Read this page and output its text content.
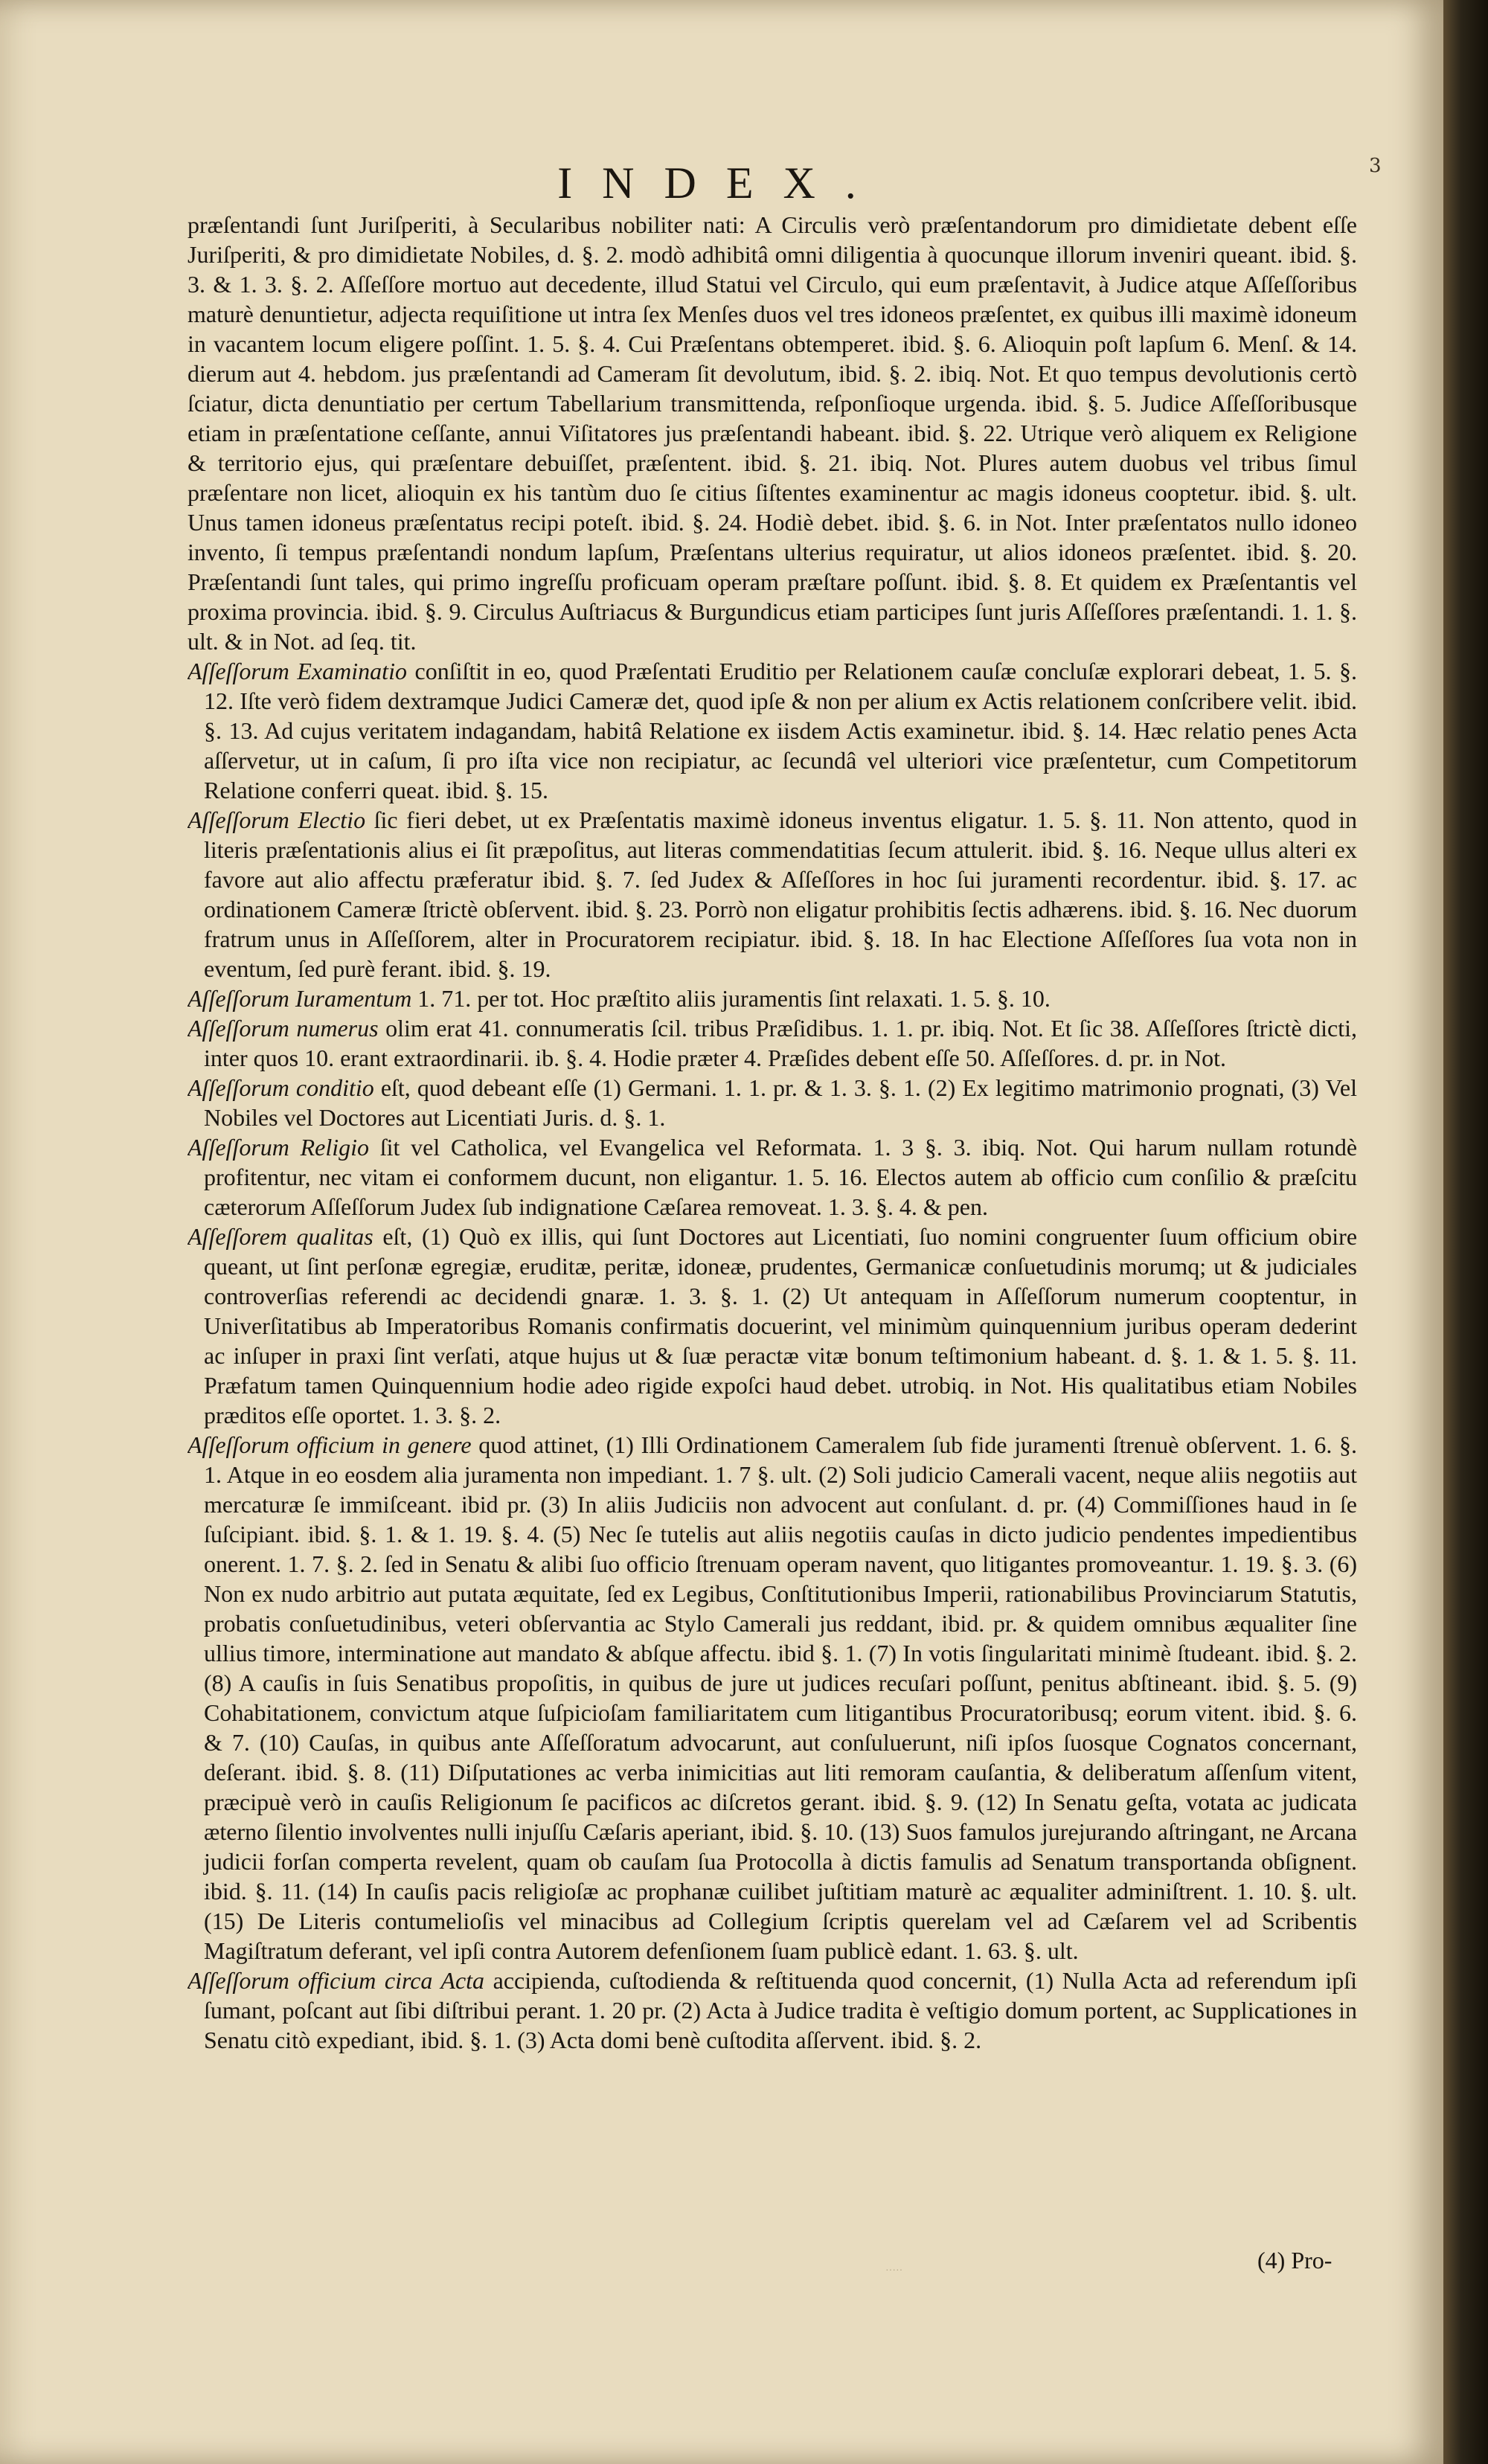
3
INDEX.

præſentandi ſunt Juriſperiti, à Secularibus nobiliter nati: A Circulis verò præſentandorum pro dimidietate debent eſſe Juriſperiti, & pro dimidietate Nobiles, d. §. 2. modò adhibitâ omni diligentia à quocunque illorum inveniri queant. ibid. §. 3. & 1. 3. §. 2. Aſſeſſore mortuo aut decedente, illud Statui vel Circulo, qui eum præſentavit, à Judice atque Aſſeſſoribus maturè denuntietur, adjecta requiſitione ut intra ſex Menſes duos vel tres idoneos præſentet, ex quibus illi maximè idoneum in vacantem locum eligere poſſint. 1. 5. §. 4. Cui Præſentans obtemperet. ibid. §. 6. Alioquin poſt lapſum 6. Menſ. & 14. dierum aut 4. hebdom. jus præſentandi ad Cameram ſit devolutum, ibid. §. 2. ibiq. Not. Et quo tempus devolutionis certò ſciatur, dicta denuntiatio per certum Tabellarium transmittenda, reſponſioque urgenda. ibid. §. 5. Judice Aſſeſſoribusque etiam in præſentatione ceſſante, annui Viſitatores jus præſentandi habeant. ibid. §. 22. Utrique verò aliquem ex Religione & territorio ejus, qui præſentare debuiſſet, præſentent. ibid. §. 21. ibiq. Not. Plures autem duobus vel tribus ſimul præſentare non licet, alioquin ex his tantùm duo ſe citius ſiſtentes examinentur ac magis idoneus cooptetur. ibid. §. ult. Unus tamen idoneus præſentatus recipi poteſt. ibid. §. 24. Hodiè debet. ibid. §. 6. in Not. Inter præſentatos nullo idoneo invento, ſi tempus præſentandi nondum lapſum, Præſentans ulterius requiratur, ut alios idoneos præſentet. ibid. §. 20. Præſentandi ſunt tales, qui primo ingreſſu proficuam operam præſtare poſſunt. ibid. §. 8. Et quidem ex Præſentantis vel proxima provincia. ibid. §. 9. Circulus Auſtriacus & Burgundicus etiam participes ſunt juris Aſſeſſores præſentandi. 1. 1. §. ult. & in Not. ad ſeq. tit.

Aſſeſſorum Examinatio conſiſtit in eo, quod Præſentati Eruditio per Relationem cauſæ concluſæ explorari debeat, 1. 5. §. 12. Iſte verò fidem dextramque Judici Cameræ det, quod ipſe & non per alium ex Actis relationem conſcribere velit. ibid. §. 13. Ad cujus veritatem indagandam, habitâ Relatione ex iisdem Actis examinetur. ibid. §. 14. Hæc relatio penes Acta aſſervetur, ut in caſum, ſi pro iſta vice non recipiatur, ac ſecundâ vel ulteriori vice præſentetur, cum Competitorum Relatione conferri queat. ibid. §. 15.

Aſſeſſorum Electio ſic fieri debet, ut ex Præſentatis maximè idoneus inventus eligatur. 1. 5. §. 11. Non attento, quod in literis præſentationis alius ei ſit præpoſitus, aut literas commendatitias ſecum attulerit. ibid. §. 16. Neque ullus alteri ex favore aut alio affectu præferatur ibid. §. 7. ſed Judex & Aſſeſſores in hoc ſui juramenti recordentur. ibid. §. 17. ac ordinationem Cameræ ſtrictè obſervent. ibid. §. 23. Porrò non eligatur prohibitis ſectis adhærens. ibid. §. 16. Nec duorum fratrum unus in Aſſeſſorem, alter in Procuratorem recipiatur. ibid. §. 18. In hac Electione Aſſeſſores ſua vota non in eventum, ſed purè ferant. ibid. §. 19.

Aſſeſſorum Iuramentum 1. 71. per tot. Hoc præſtito aliis juramentis ſint relaxati. 1. 5. §. 10.

Aſſeſſorum numerus olim erat 41. connumeratis ſcil. tribus Præſidibus. 1. 1. pr. ibiq. Not. Et ſic 38. Aſſeſſores ſtrictè dicti, inter quos 10. erant extraordinarii. ib. §. 4. Hodie præter 4. Præſides debent eſſe 50. Aſſeſſores. d. pr. in Not.

Aſſeſſorum conditio eſt, quod debeant eſſe (1) Germani. 1. 1. pr. & 1. 3. §. 1. (2) Ex legitimo matrimonio prognati, (3) Vel Nobiles vel Doctores aut Licentiati Juris. d. §. 1.

Aſſeſſorum Religio ſit vel Catholica, vel Evangelica vel Reformata. 1. 3 §. 3. ibiq. Not. Qui harum nullam rotundè profitentur, nec vitam ei conformem ducunt, non eligantur. 1. 5. 16. Electos autem ab officio cum conſilio & præſcitu cæterorum Aſſeſſorum Judex ſub indignatione Cæſarea removeat. 1. 3. §. 4. & pen.

Aſſeſſorem qualitas eſt, (1) Quò ex illis, qui ſunt Doctores aut Licentiati, ſuo nomini congruenter ſuum officium obire queant, ut ſint perſonæ egregiæ, eruditæ, peritæ, idoneæ, prudentes, Germanicæ conſuetudinis morumq; ut & judiciales controverſias referendi ac decidendi gnaræ. 1. 3. §. 1. (2) Ut antequam in Aſſeſſorum numerum cooptentur, in Univerſitatibus ab Imperatoribus Romanis confirmatis docuerint, vel minimùm quinquennium juribus operam dederint ac inſuper in praxi ſint verſati, atque hujus ut & ſuæ peractæ vitæ bonum teſtimonium habeant. d. §. 1. & 1. 5. §. 11. Præfatum tamen Quinquennium hodie adeo rigide expoſci haud debet. utrobiq. in Not. His qualitatibus etiam Nobiles præditos eſſe oportet. 1. 3. §. 2.

Aſſeſſorum officium in genere quod attinet, (1) Illi Ordinationem Cameralem ſub fide juramenti ſtrenuè obſervent. 1. 6. §. 1. Atque in eo eosdem alia juramenta non impediant. 1. 7 §. ult. (2) Soli judicio Camerali vacent, neque aliis negotiis aut mercaturæ ſe immiſceant. ibid pr. (3) In aliis Judiciis non advocent aut conſulant. d. pr. (4) Commiſſiones haud in ſe ſuſcipiant. ibid. §. 1. & 1. 19. §. 4. (5) Nec ſe tutelis aut aliis negotiis cauſas in dicto judicio pendentes impedientibus onerent. 1. 7. §. 2. ſed in Senatu & alibi ſuo officio ſtrenuam operam navent, quo litigantes promoveantur. 1. 19. §. 3. (6) Non ex nudo arbitrio aut putata æquitate, ſed ex Legibus, Conſtitutionibus Imperii, rationabilibus Provinciarum Statutis, probatis conſuetudinibus, veteri obſervantia ac Stylo Camerali jus reddant, ibid. pr. & quidem omnibus æqualiter ſine ullius timore, interminatione aut mandato & abſque affectu. ibid §. 1. (7) In votis ſingularitati minimè ſtudeant. ibid. §. 2. (8) A cauſis in ſuis Senatibus propoſitis, in quibus de jure ut judices recuſari poſſunt, penitus abſtineant. ibid. §. 5. (9) Cohabitationem, convictum atque ſuſpicioſam familiaritatem cum litigantibus Procuratoribusq; eorum vitent. ibid. §. 6. & 7. (10) Cauſas, in quibus ante Aſſeſſoratum advocarunt, aut conſuluerunt, niſi ipſos ſuosque Cognatos concernant, deſerant. ibid. §. 8. (11) Diſputationes ac verba inimicitias aut liti remoram cauſantia, & deliberatum aſſenſum vitent, præcipuè verò in cauſis Religionum ſe pacificos ac diſcretos gerant. ibid. §. 9. (12) In Senatu geſta, votata ac judicata æterno ſilentio involventes nulli injuſſu Cæſaris aperiant, ibid. §. 10. (13) Suos famulos jurejurando aſtringant, ne Arcana judicii forſan comperta revelent, quam ob cauſam ſua Protocolla à dictis famulis ad Senatum transportanda obſignent. ibid. §. 11. (14) In cauſis pacis religioſæ ac prophanæ cuilibet juſtitiam maturè ac æqualiter adminiſtrent. 1. 10. §. ult. (15) De Literis contumelioſis vel minacibus ad Collegium ſcriptis querelam vel ad Cæſarem vel ad Scribentis Magiſtratum deferant, vel ipſi contra Autorem defenſionem ſuam publicè edant. 1. 63. §. ult.

Aſſeſſorum officium circa Acta accipienda, cuſtodienda & reſtituenda quod concernit, (1) Nulla Acta ad referendum ipſi ſumant, poſcant aut ſibi diſtribui perant. 1. 20 pr. (2) Acta à Judice tradita è veſtigio domum portent, ac Supplicationes in Senatu citò expediant, ibid. §. 1. (3) Acta domi benè cuſtodita aſſervent. ibid. §. 2.

·····	(4) Pro-
